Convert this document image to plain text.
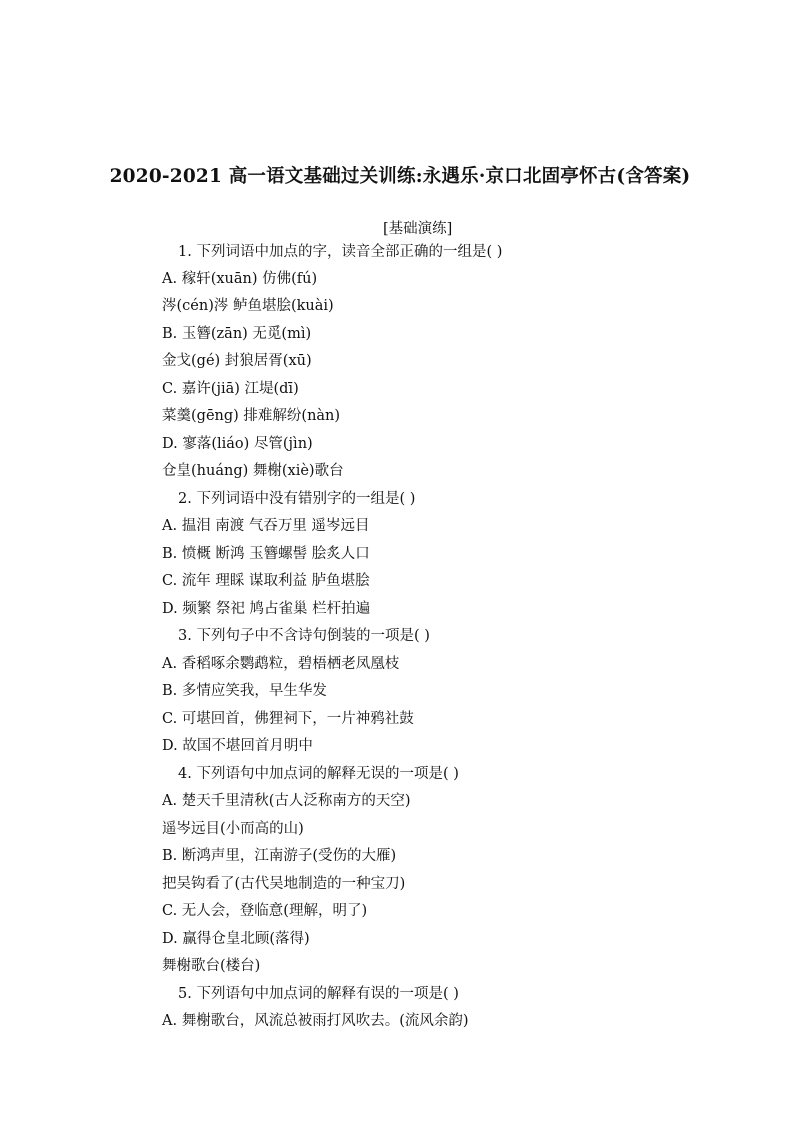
2020-2021 高一语文基础过关训练:永遇乐·京口北固亭怀古(含答案)
[基础演练]
1. 下列词语中加点的字，读音全部正确的一组是( )
A. 稼轩(xuān) 仿佛(fú)
涔(cén)涔 鲈鱼堪脍(kuài)
B. 玉簪(zān) 无觅(mì)
金戈(gé) 封狼居胥(xū)
C. 嘉许(jiā) 江堤(dī)
菜羹(gēng) 排难解纷(nàn)
D. 寥落(liáo) 尽管(jìn)
仓皇(huáng) 舞榭(xiè)歌台
2. 下列词语中没有错别字的一组是( )
A. 揾泪 南渡 气吞万里 遥岑远目
B. 愤概 断鸿 玉簪螺髻 脍炙人口
C. 流年 理睬 谋取利益 胪鱼堪脍
D. 频繁 祭祀 鸠占雀巢 栏杆拍遍
3. 下列句子中不含诗句倒装的一项是( )
A. 香稻啄余鹦鹉粒，碧梧栖老凤凰枝
B. 多情应笑我，早生华发
C. 可堪回首，佛狸祠下，一片神鸦社鼓
D. 故国不堪回首月明中
4. 下列语句中加点词的解释无误的一项是( )
A. 楚天千里清秋(古人泛称南方的天空)
遥岑远目(小而高的山)
B. 断鸿声里，江南游子(受伤的大雁)
把吴钩看了(古代吴地制造的一种宝刀)
C. 无人会，登临意(理解，明了)
D. 赢得仓皇北顾(落得)
舞榭歌台(楼台)
5. 下列语句中加点词的解释有误的一项是( )
A. 舞榭歌台，风流总被雨打风吹去。(流风余韵)
